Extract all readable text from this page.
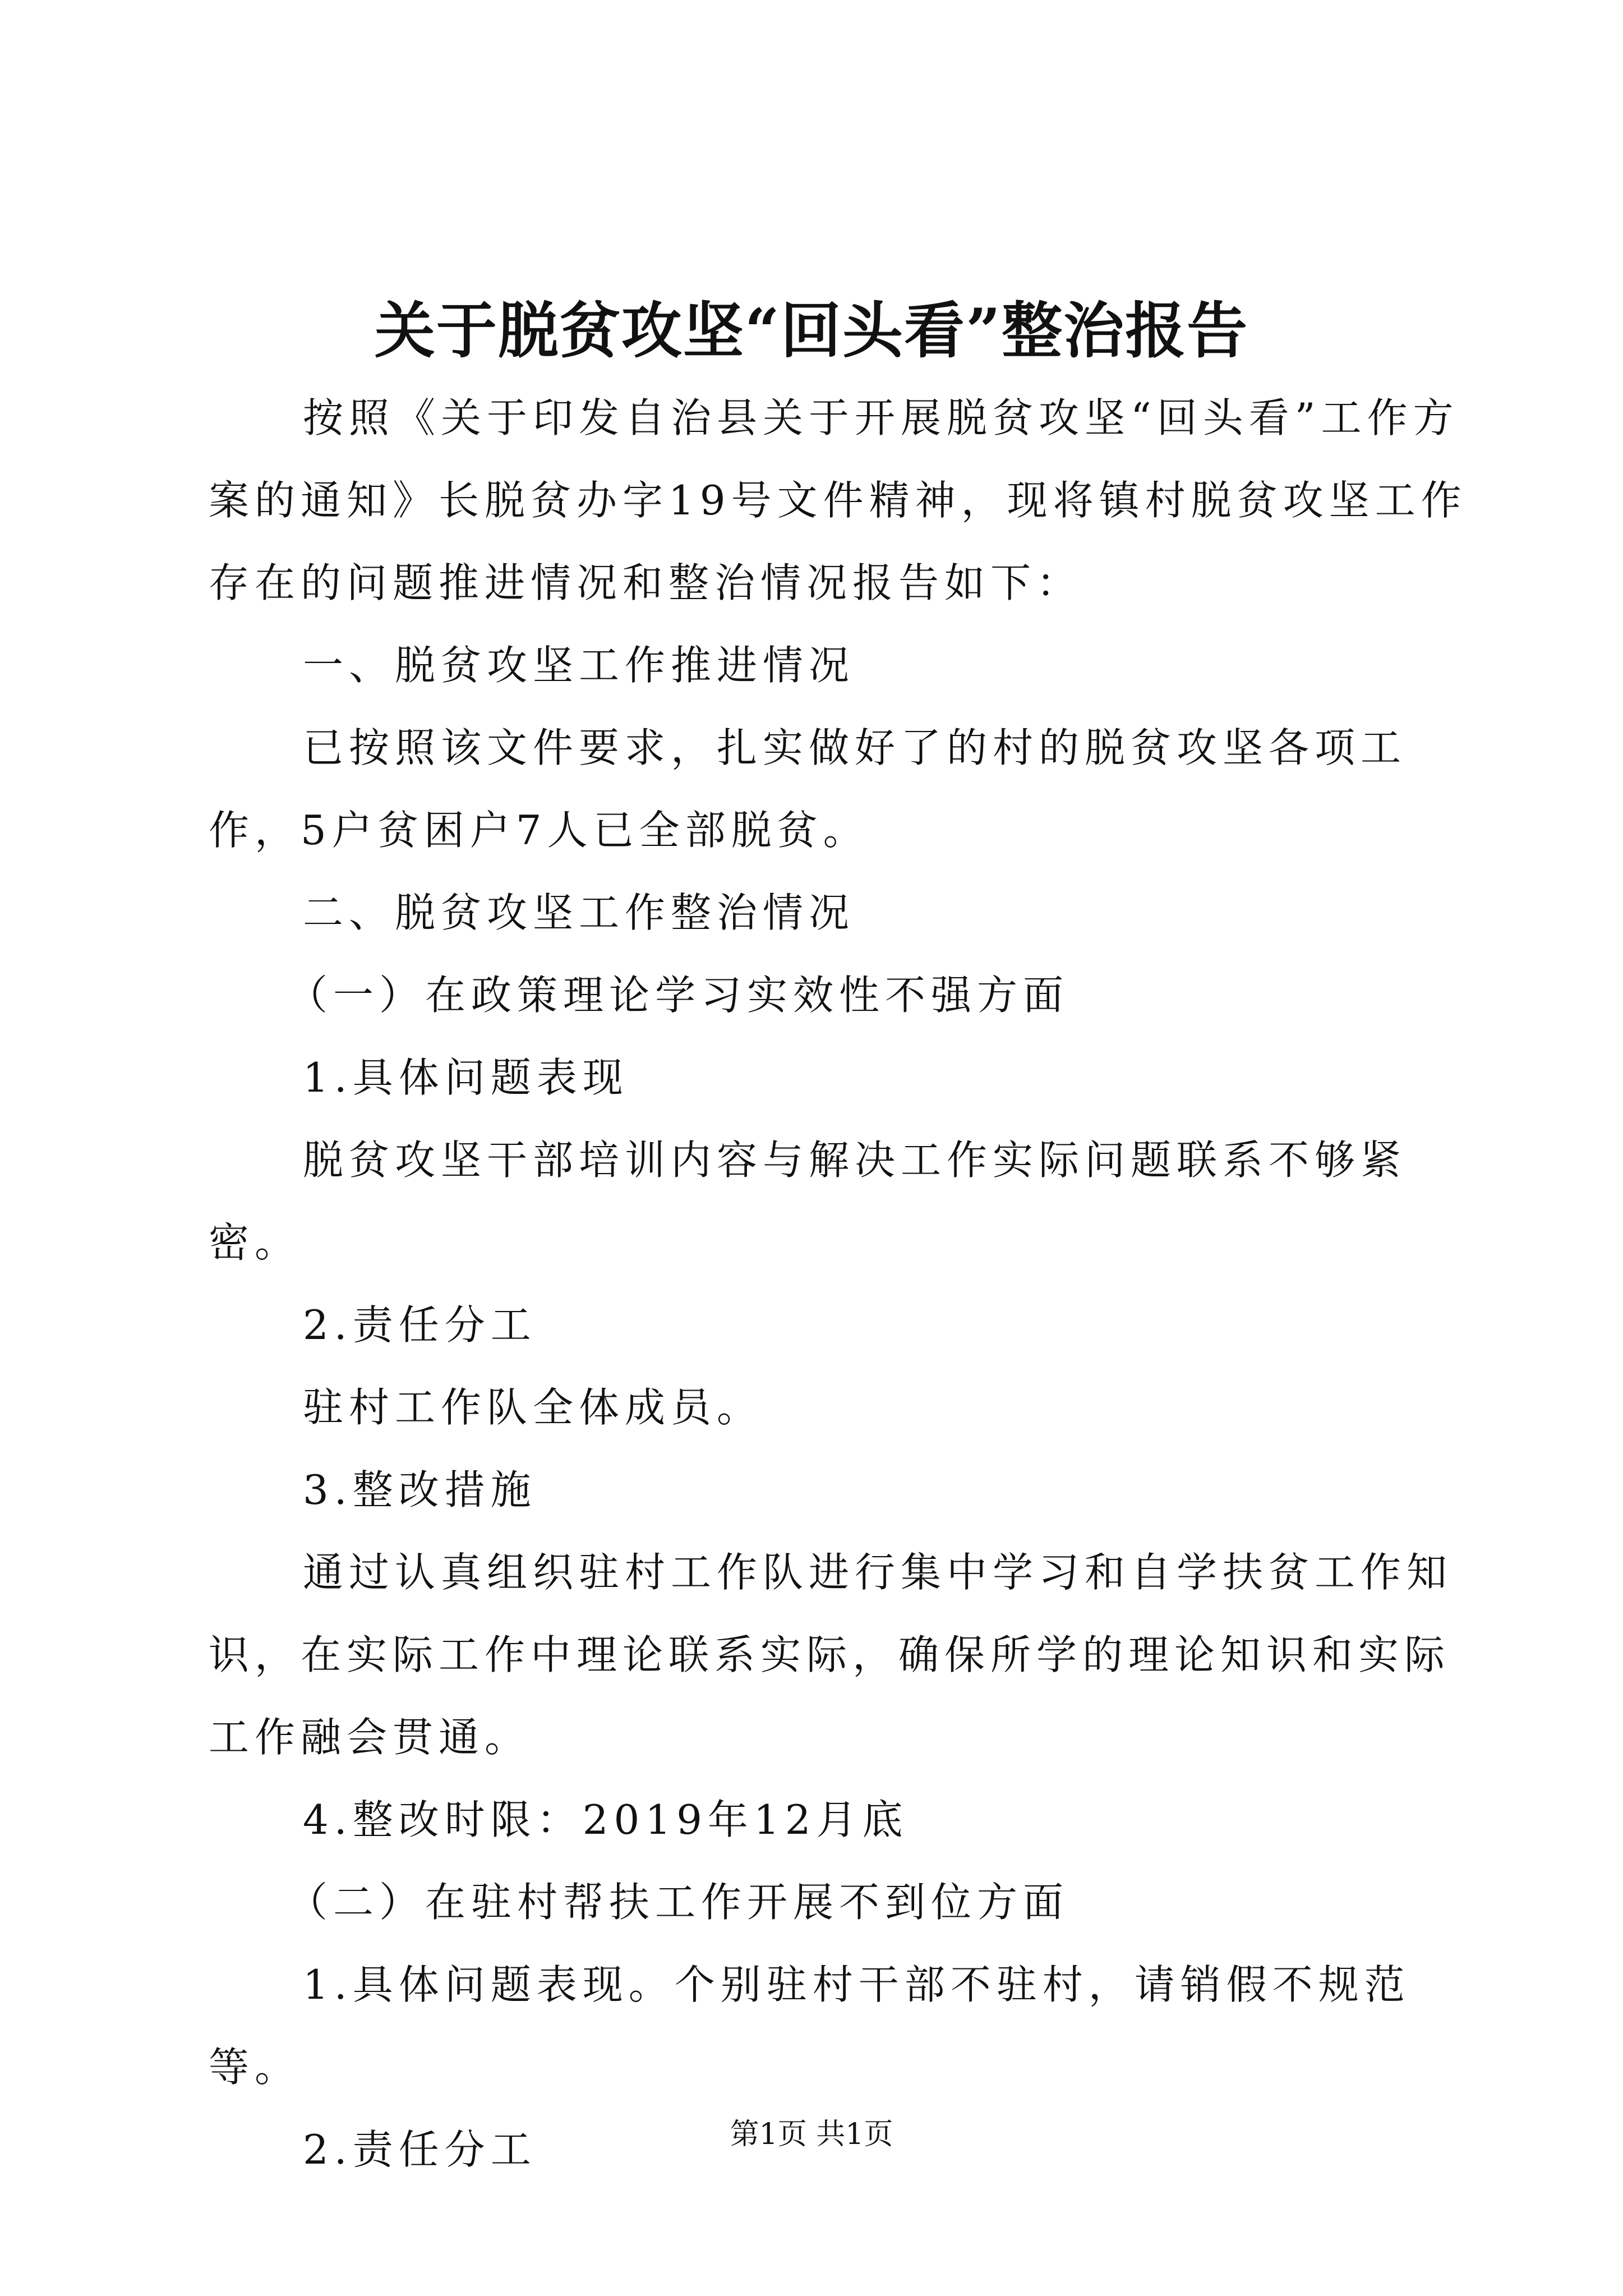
关于脱贫攻坚“回头看”整治报告

按照《关于印发自治县关于开展脱贫攻坚“回头看”工作方案的通知》长脱贫办字19号文件精神，现将镇村脱贫攻坚工作存在的问题推进情况和整治情况报告如下：

一、脱贫攻坚工作推进情况

已按照该文件要求，扎实做好了的村的脱贫攻坚各项工作，5户贫困户7人已全部脱贫。

二、脱贫攻坚工作整治情况

（一）在政策理论学习实效性不强方面

1.具体问题表现

脱贫攻坚干部培训内容与解决工作实际问题联系不够紧密。

2.责任分工

驻村工作队全体成员。

3.整改措施

通过认真组织驻村工作队进行集中学习和自学扶贫工作知识，在实际工作中理论联系实际，确保所学的理论知识和实际工作融会贯通。

4.整改时限：2019年12月底

（二）在驻村帮扶工作开展不到位方面

1.具体问题表现。个别驻村干部不驻村，请销假不规范等。

2.责任分工	第1页 共1页
